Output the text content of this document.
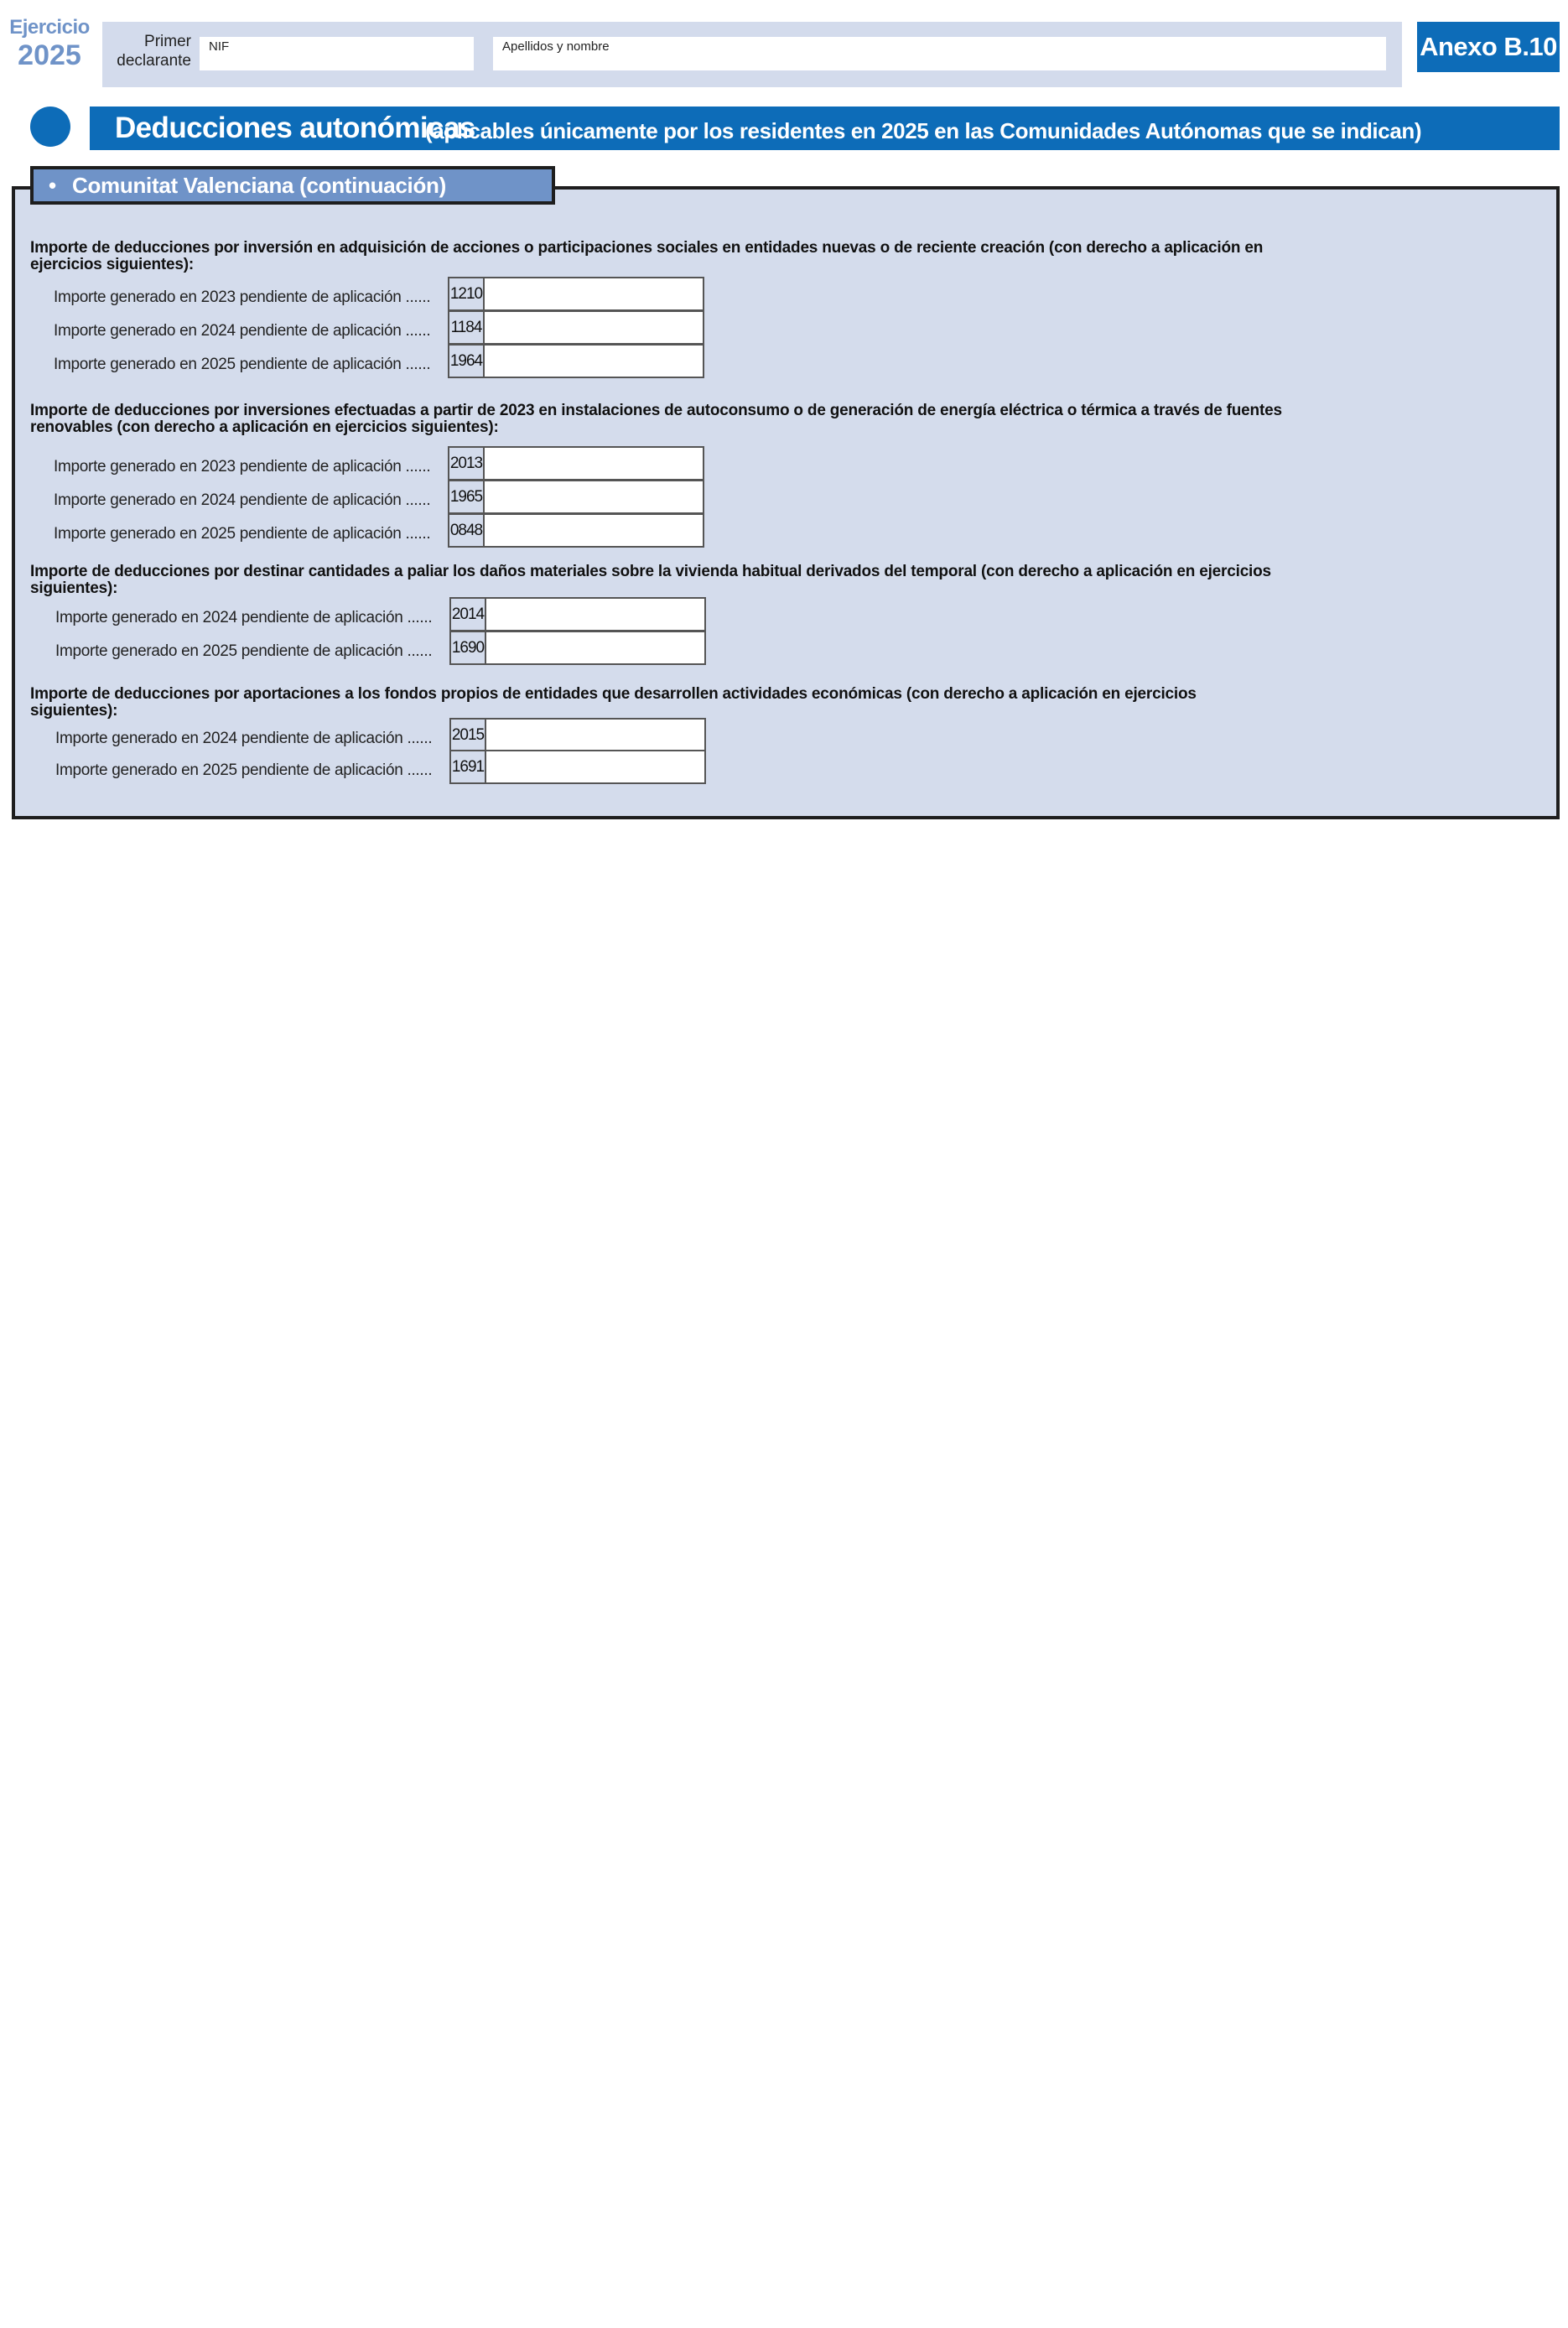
Ejercicio
2025	Primer declarante
NIF	Apellidos y nombre	Anexo B.10
Deducciones autonómicas
(aplicables únicamente por los residentes en 2025 en las Comunidades Autónomas que se indican)
• Comunitat Valenciana (continuación)
Importe de deducciones por inversión en adquisición de acciones o participaciones sociales en entidades nuevas o de reciente creación (con derecho a aplicación en ejercicios siguientes):
Importe generado en 2023 pendiente de aplicación ......	1210
Importe generado en 2024 pendiente de aplicación ......	1184
Importe generado en 2025 pendiente de aplicación ......	1964
Importe de deducciones por inversiones efectuadas a partir de 2023 en instalaciones de autoconsumo o de generación de energía eléctrica o térmica a través de fuentes renovables (con derecho a aplicación en ejercicios siguientes):
Importe generado en 2023 pendiente de aplicación ......	2013
Importe generado en 2024 pendiente de aplicación ......	1965
Importe generado en 2025 pendiente de aplicación ......	0848
Importe de deducciones por destinar cantidades a paliar los daños materiales sobre la vivienda habitual derivados del temporal (con derecho a aplicación en ejercicios siguientes):
Importe generado en 2024 pendiente de aplicación ......	2014
Importe generado en 2025 pendiente de aplicación ......	1690
Importe de deducciones por aportaciones a los fondos propios de entidades que desarrollen actividades económicas (con derecho a aplicación en ejercicios siguientes):
Importe generado en 2024 pendiente de aplicación ......	2015
Importe generado en 2025 pendiente de aplicación ......	1691
